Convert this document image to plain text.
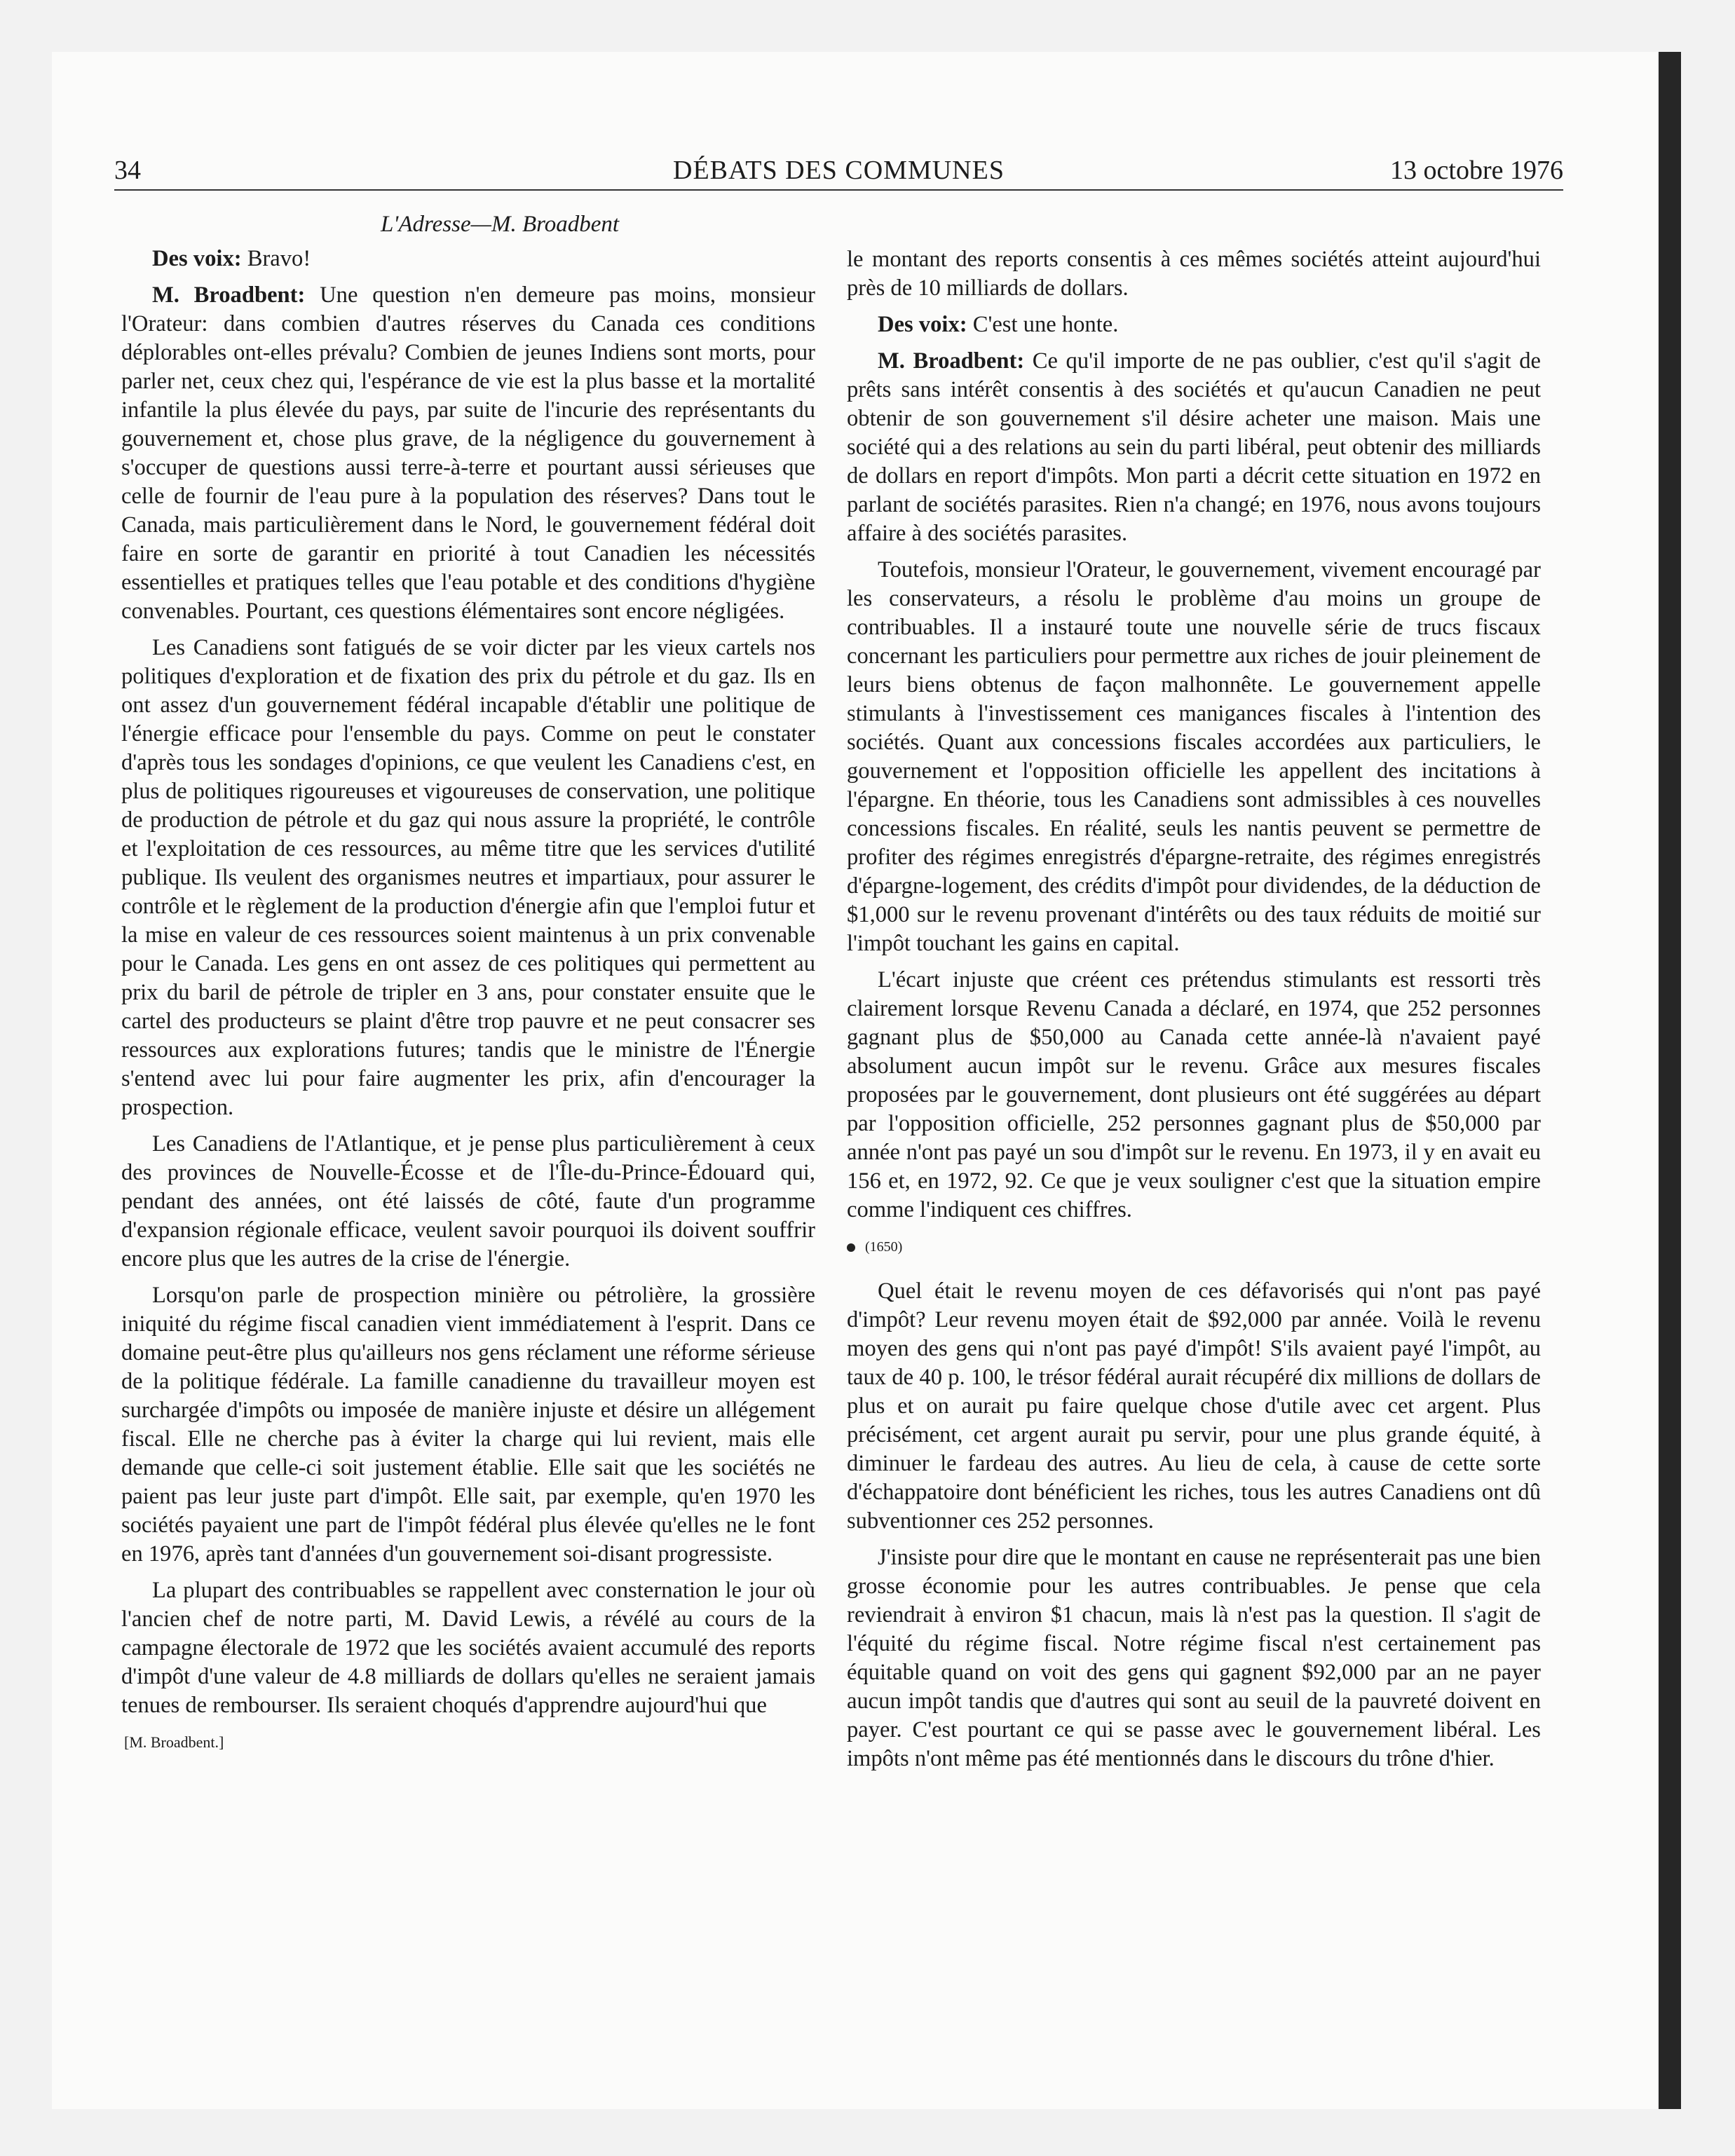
34	DÉBATS DES COMMUNES	13 octobre 1976
L'Adresse—M. Broadbent

Des voix: Bravo!

M. Broadbent: Une question n'en demeure pas moins, monsieur l'Orateur: dans combien d'autres réserves du Canada ces conditions déplorables ont-elles prévalu? Combien de jeunes Indiens sont morts, pour parler net, ceux chez qui, l'espérance de vie est la plus basse et la mortalité infantile la plus élevée du pays, par suite de l'incurie des représentants du gouvernement et, chose plus grave, de la négligence du gouvernement à s'occuper de questions aussi terre-à-terre et pourtant aussi sérieuses que celle de fournir de l'eau pure à la population des réserves? Dans tout le Canada, mais particulièrement dans le Nord, le gouvernement fédéral doit faire en sorte de garantir en priorité à tout Canadien les nécessités essentielles et pratiques telles que l'eau potable et des conditions d'hygiène convenables. Pourtant, ces questions élémentaires sont encore négligées.

Les Canadiens sont fatigués de se voir dicter par les vieux cartels nos politiques d'exploration et de fixation des prix du pétrole et du gaz. Ils en ont assez d'un gouvernement fédéral incapable d'établir une politique de l'énergie efficace pour l'ensemble du pays. Comme on peut le constater d'après tous les sondages d'opinions, ce que veulent les Canadiens c'est, en plus de politiques rigoureuses et vigoureuses de conservation, une politique de production de pétrole et du gaz qui nous assure la propriété, le contrôle et l'exploitation de ces ressources, au même titre que les services d'utilité publique. Ils veulent des organismes neutres et impartiaux, pour assurer le contrôle et le règlement de la production d'énergie afin que l'emploi futur et la mise en valeur de ces ressources soient maintenus à un prix convenable pour le Canada. Les gens en ont assez de ces politiques qui permettent au prix du baril de pétrole de tripler en 3 ans, pour constater ensuite que le cartel des producteurs se plaint d'être trop pauvre et ne peut consacrer ses ressources aux explorations futures; tandis que le ministre de l'Énergie s'entend avec lui pour faire augmenter les prix, afin d'encourager la prospection.

Les Canadiens de l'Atlantique, et je pense plus particulièrement à ceux des provinces de Nouvelle-Écosse et de l'Île-du-Prince-Édouard qui, pendant des années, ont été laissés de côté, faute d'un programme d'expansion régionale efficace, veulent savoir pourquoi ils doivent souffrir encore plus que les autres de la crise de l'énergie.

Lorsqu'on parle de prospection minière ou pétrolière, la grossière iniquité du régime fiscal canadien vient immédiatement à l'esprit. Dans ce domaine peut-être plus qu'ailleurs nos gens réclament une réforme sérieuse de la politique fédérale. La famille canadienne du travailleur moyen est surchargée d'impôts ou imposée de manière injuste et désire un allégement fiscal. Elle ne cherche pas à éviter la charge qui lui revient, mais elle demande que celle-ci soit justement établie. Elle sait que les sociétés ne paient pas leur juste part d'impôt. Elle sait, par exemple, qu'en 1970 les sociétés payaient une part de l'impôt fédéral plus élevée qu'elles ne le font en 1976, après tant d'années d'un gouvernement soi-disant progressiste.

La plupart des contribuables se rappellent avec consternation le jour où l'ancien chef de notre parti, M. David Lewis, a révélé au cours de la campagne électorale de 1972 que les sociétés avaient accumulé des reports d'impôt d'une valeur de 4.8 milliards de dollars qu'elles ne seraient jamais tenues de rembourser. Ils seraient choqués d'apprendre aujourd'hui que

[M. Broadbent.]

le montant des reports consentis à ces mêmes sociétés atteint aujourd'hui près de 10 milliards de dollars.

Des voix: C'est une honte.

M. Broadbent: Ce qu'il importe de ne pas oublier, c'est qu'il s'agit de prêts sans intérêt consentis à des sociétés et qu'aucun Canadien ne peut obtenir de son gouvernement s'il désire acheter une maison. Mais une société qui a des relations au sein du parti libéral, peut obtenir des milliards de dollars en report d'impôts. Mon parti a décrit cette situation en 1972 en parlant de sociétés parasites. Rien n'a changé; en 1976, nous avons toujours affaire à des sociétés parasites.

Toutefois, monsieur l'Orateur, le gouvernement, vivement encouragé par les conservateurs, a résolu le problème d'au moins un groupe de contribuables. Il a instauré toute une nouvelle série de trucs fiscaux concernant les particuliers pour permettre aux riches de jouir pleinement de leurs biens obtenus de façon malhonnête. Le gouvernement appelle stimulants à l'investissement ces manigances fiscales à l'intention des sociétés. Quant aux concessions fiscales accordées aux particuliers, le gouvernement et l'opposition officielle les appellent des incitations à l'épargne. En théorie, tous les Canadiens sont admissibles à ces nouvelles concessions fiscales. En réalité, seuls les nantis peuvent se permettre de profiter des régimes enregistrés d'épargne-retraite, des régimes enregistrés d'épargne-logement, des crédits d'impôt pour dividendes, de la déduction de $1,000 sur le revenu provenant d'intérêts ou des taux réduits de moitié sur l'impôt touchant les gains en capital.

L'écart injuste que créent ces prétendus stimulants est ressorti très clairement lorsque Revenu Canada a déclaré, en 1974, que 252 personnes gagnant plus de $50,000 au Canada cette année-là n'avaient payé absolument aucun impôt sur le revenu. Grâce aux mesures fiscales proposées par le gouvernement, dont plusieurs ont été suggérées au départ par l'opposition officielle, 252 personnes gagnant plus de $50,000 par année n'ont pas payé un sou d'impôt sur le revenu. En 1973, il y en avait eu 156 et, en 1972, 92. Ce que je veux souligner c'est que la situation empire comme l'indiquent ces chiffres.

(1650)

Quel était le revenu moyen de ces défavorisés qui n'ont pas payé d'impôt? Leur revenu moyen était de $92,000 par année. Voilà le revenu moyen des gens qui n'ont pas payé d'impôt! S'ils avaient payé l'impôt, au taux de 40 p. 100, le trésor fédéral aurait récupéré dix millions de dollars de plus et on aurait pu faire quelque chose d'utile avec cet argent. Plus précisément, cet argent aurait pu servir, pour une plus grande équité, à diminuer le fardeau des autres. Au lieu de cela, à cause de cette sorte d'échappatoire dont bénéficient les riches, tous les autres Canadiens ont dû subventionner ces 252 personnes.

J'insiste pour dire que le montant en cause ne représenterait pas une bien grosse économie pour les autres contribuables. Je pense que cela reviendrait à environ $1 chacun, mais là n'est pas la question. Il s'agit de l'équité du régime fiscal. Notre régime fiscal n'est certainement pas équitable quand on voit des gens qui gagnent $92,000 par an ne payer aucun impôt tandis que d'autres qui sont au seuil de la pauvreté doivent en payer. C'est pourtant ce qui se passe avec le gouvernement libéral. Les impôts n'ont même pas été mentionnés dans le discours du trône d'hier.
